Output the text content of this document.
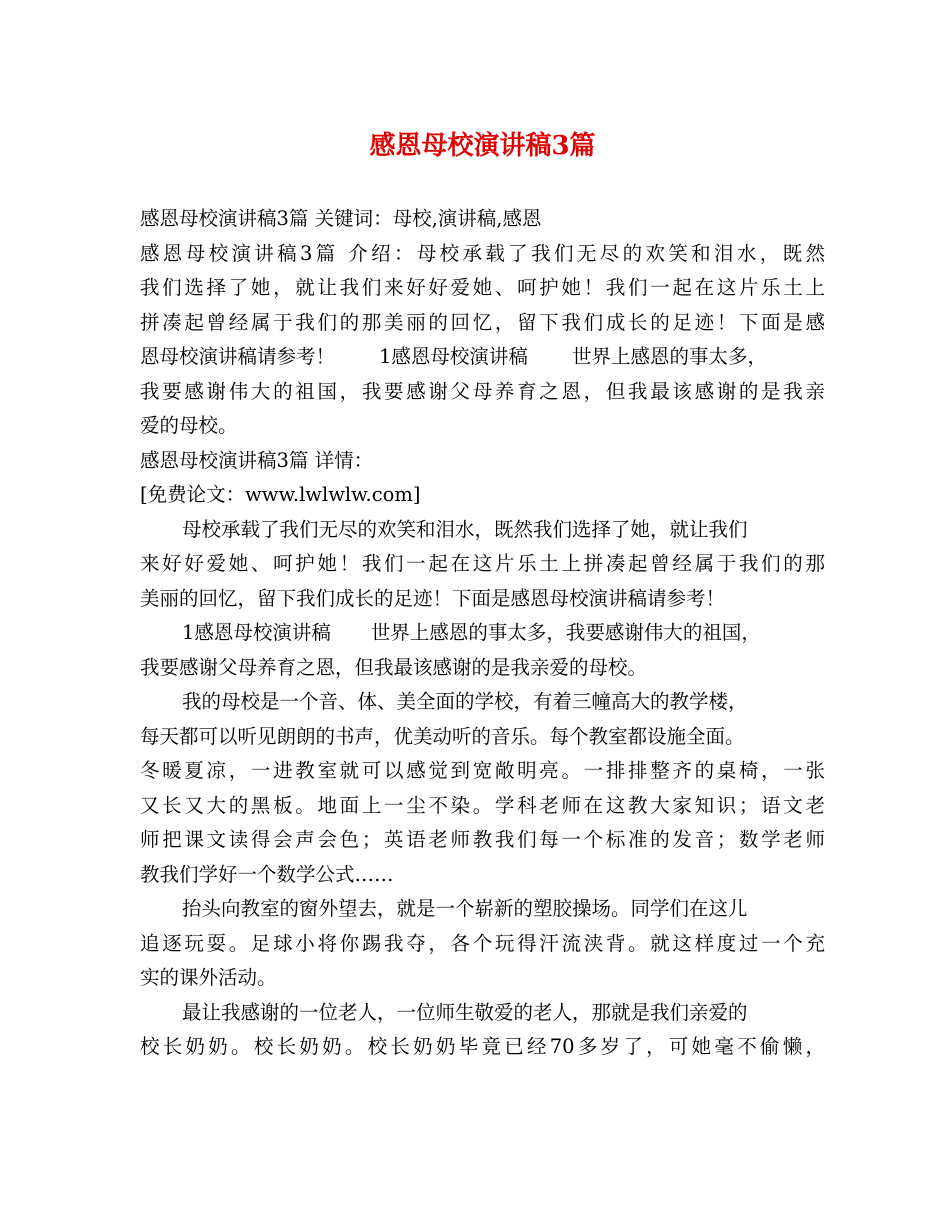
感恩母校演讲稿3篇
感恩母校演讲稿3篇 关键词：母校,演讲稿,感恩
感恩母校演讲稿3篇 介绍：母校承载了我们无尽的欢笑和泪水，既然
我们选择了她，就让我们来好好爱她、呵护她！我们一起在这片乐土上
拼凑起曾经属于我们的那美丽的回忆，留下我们成长的足迹！下面是感
恩母校演讲稿请参考！ 1感恩母校演讲稿 世界上感恩的事太多，
我要感谢伟大的祖国，我要感谢父母养育之恩，但我最该感谢的是我亲
爱的母校。
感恩母校演讲稿3篇 详情：
[免费论文：www.lwlwlw.com]
母校承载了我们无尽的欢笑和泪水，既然我们选择了她，就让我们
来好好爱她、呵护她！我们一起在这片乐土上拼凑起曾经属于我们的那
美丽的回忆，留下我们成长的足迹！下面是感恩母校演讲稿请参考！
1感恩母校演讲稿 世界上感恩的事太多，我要感谢伟大的祖国，
我要感谢父母养育之恩，但我最该感谢的是我亲爱的母校。
我的母校是一个音、体、美全面的学校，有着三幢高大的教学楼，
每天都可以听见朗朗的书声，优美动听的音乐。每个教室都设施全面。
冬暖夏凉，一进教室就可以感觉到宽敞明亮。一排排整齐的桌椅，一张
又长又大的黑板。地面上一尘不染。学科老师在这教大家知识；语文老
师把课文读得会声会色；英语老师教我们每一个标准的发音；数学老师
教我们学好一个数学公式……
抬头向教室的窗外望去，就是一个崭新的塑胶操场。同学们在这儿
追逐玩耍。足球小将你踢我夺，各个玩得汗流浃背。就这样度过一个充
实的课外活动。
最让我感谢的一位老人，一位师生敬爱的老人，那就是我们亲爱的
校长奶奶。校长奶奶。校长奶奶毕竟已经70多岁了，可她毫不偷懒，
